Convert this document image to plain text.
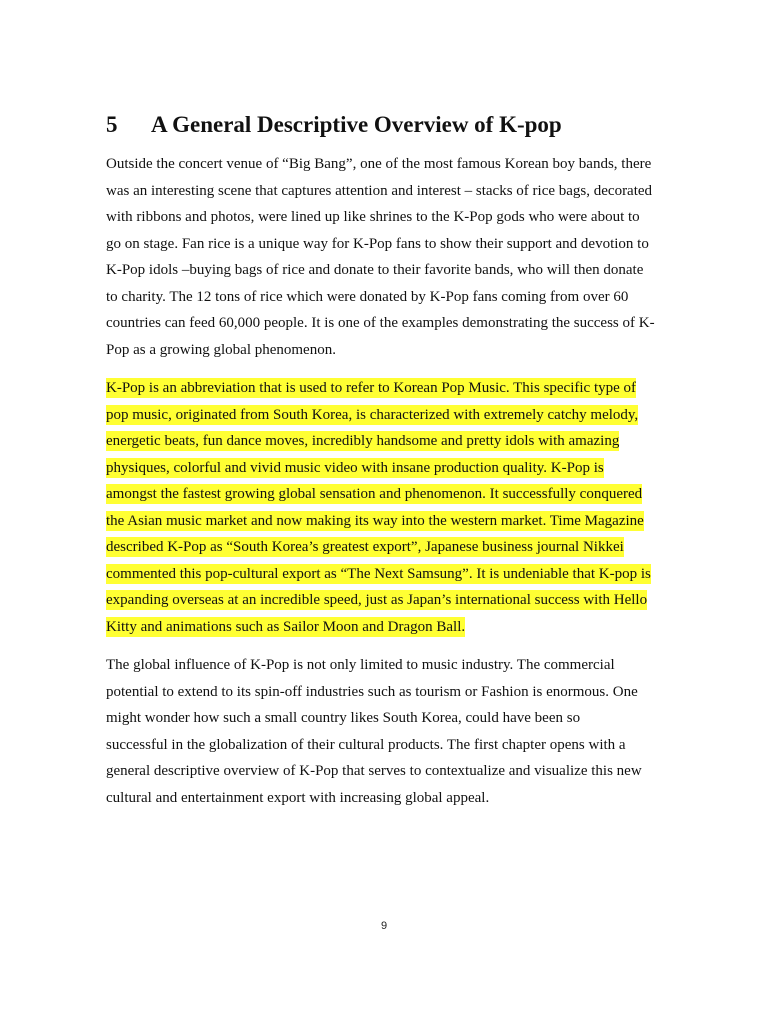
5 A General Descriptive Overview of K-pop
Outside the concert venue of “Big Bang”, one of the most famous Korean boy bands, there
was an interesting scene that captures attention and interest – stacks of rice bags, decorated
with ribbons and photos, were lined up like shrines to the K-Pop gods who were about to
go on stage. Fan rice is a unique way for K-Pop fans to show their support and devotion to
K-Pop idols –buying bags of rice and donate to their favorite bands, who will then donate
to charity. The 12 tons of rice which were donated by K-Pop fans coming from over 60
countries can feed 60,000 people. It is one of the examples demonstrating the success of K-
Pop as a growing global phenomenon.
K-Pop is an abbreviation that is used to refer to Korean Pop Music. This specific type of
pop music, originated from South Korea, is characterized with extremely catchy melody,
energetic beats, fun dance moves, incredibly handsome and pretty idols with amazing
physiques, colorful and vivid music video with insane production quality. K-Pop is
amongst the fastest growing global sensation and phenomenon. It successfully conquered
the Asian music market and now making its way into the western market. Time Magazine
described K-Pop as “South Korea’s greatest export”, Japanese business journal Nikkei
commented this pop-cultural export as “The Next Samsung”. It is undeniable that K-pop is
expanding overseas at an incredible speed, just as Japan’s international success with Hello
Kitty and animations such as Sailor Moon and Dragon Ball.
The global influence of K-Pop is not only limited to music industry. The commercial
potential to extend to its spin-off industries such as tourism or Fashion is enormous. One
might wonder how such a small country likes South Korea, could have been so
successful in the globalization of their cultural products. The first chapter opens with a
general descriptive overview of K-Pop that serves to contextualize and visualize this new
cultural and entertainment export with increasing global appeal.
9
